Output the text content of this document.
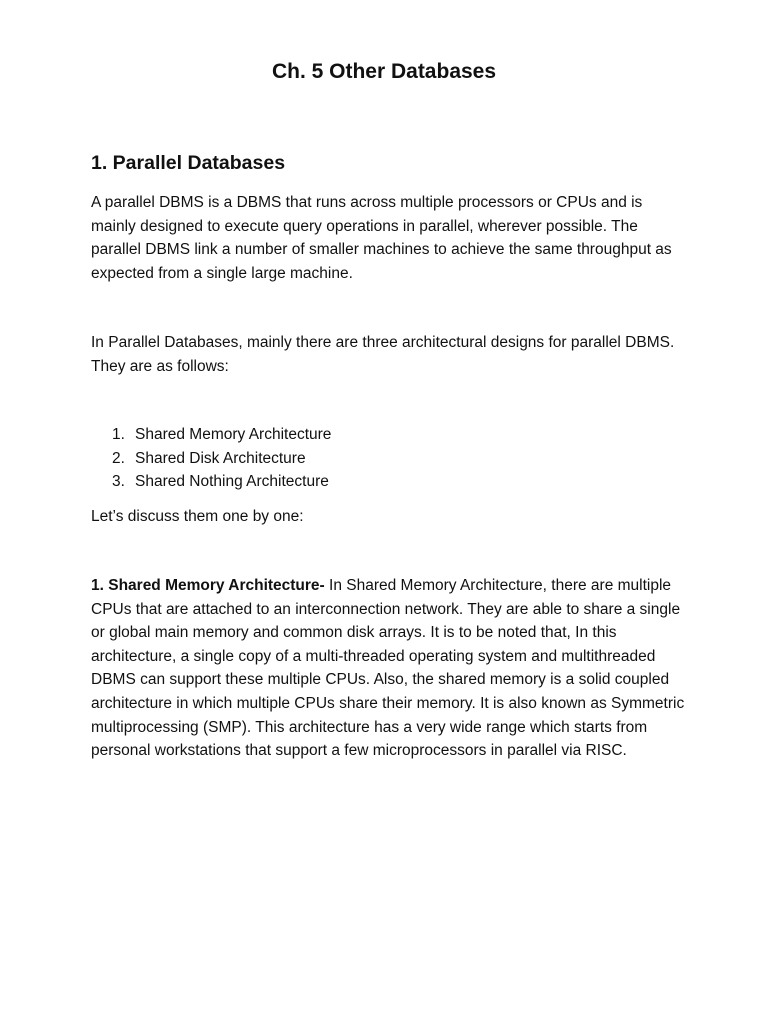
Ch. 5 Other Databases
1. Parallel Databases

A parallel DBMS is a DBMS that runs across multiple processors or CPUs and is mainly designed to execute query operations in parallel, wherever possible. The parallel DBMS link a number of smaller machines to achieve the same throughput as expected from a single large machine.

In Parallel Databases, mainly there are three architectural designs for parallel DBMS. They are as follows:

1. Shared Memory Architecture
2. Shared Disk Architecture
3. Shared Nothing Architecture

Let’s discuss them one by one:

1. Shared Memory Architecture- In Shared Memory Architecture, there are multiple CPUs that are attached to an interconnection network. They are able to share a single or global main memory and common disk arrays. It is to be noted that, In this architecture, a single copy of a multi-threaded operating system and multithreaded DBMS can support these multiple CPUs. Also, the shared memory is a solid coupled architecture in which multiple CPUs share their memory. It is also known as Symmetric multiprocessing (SMP). This architecture has a very wide range which starts from personal workstations that support a few microprocessors in parallel via RISC.
